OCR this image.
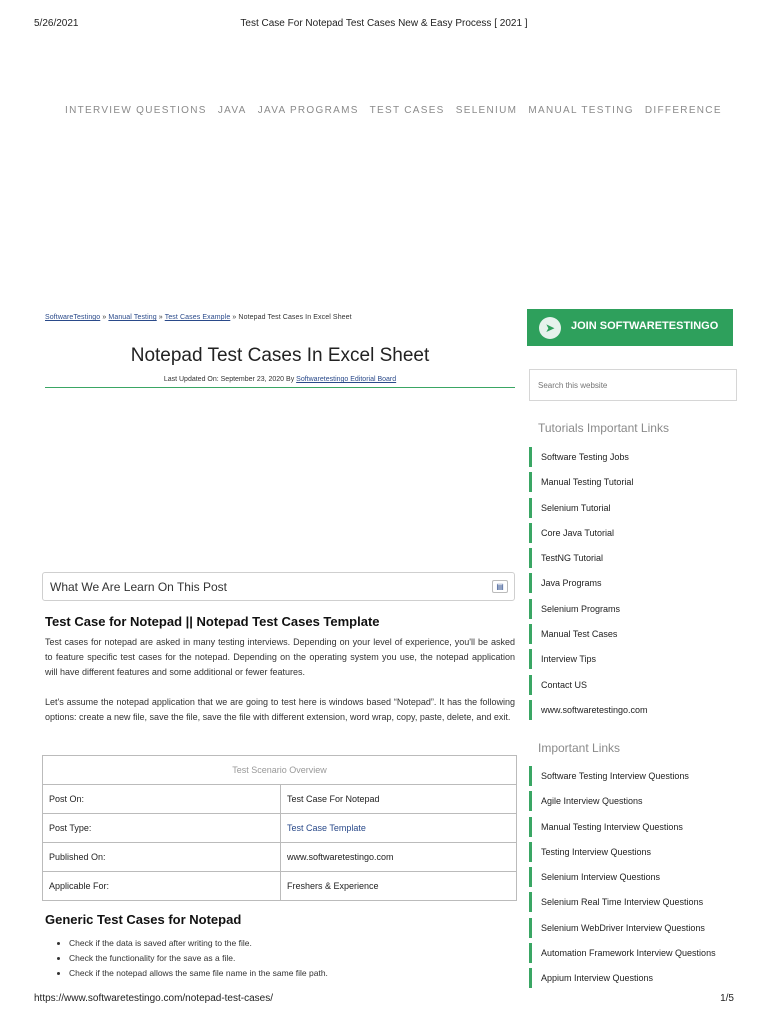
5/26/2021	Test Case For Notepad Test Cases New & Easy Process [ 2021 ]
INTERVIEW QUESTIONS JAVA JAVA PROGRAMS TEST CASES SELENIUM MANUAL TESTING DIFFERENCE
SoftwareTestingo » Manual Testing » Test Cases Example » Notepad Test Cases In Excel Sheet
Notepad Test Cases In Excel Sheet
Last Updated On: September 23, 2020 By Softwaretestingo Editorial Board
What We Are Learn On This Post	▤
Test Case for Notepad || Notepad Test Cases Template

Test cases for notepad are asked in many testing interviews. Depending on your level of experience, you'll be asked to feature specific test cases for the notepad. Depending on the operating system you use, the notepad application will have different features and some additional or fewer features.

Let's assume the notepad application that we are going to test here is windows based “Notepad”. It has the following options: create a new file, save the file, save the file with different extension, word wrap, copy, paste, delete, and exit.

Test Scenario Overview	
Post On:	Test Case For Notepad
Post Type:	Test Case Template
Published On:	www.softwaretestingo.com
Applicable For:	Freshers & Experience
Generic Test Cases for Notepad
• Check if the data is saved after writing to the file.
• Check the functionality for the save as a file.
• Check if the notepad allows the same file name in the same file path.
➤	JOIN SOFTWARETESTINGO
Search this website
Tutorials Important Links
Software Testing Jobs
Manual Testing Tutorial
Selenium Tutorial
Core Java Tutorial
TestNG Tutorial
Java Programs
Selenium Programs
Manual Test Cases
Interview Tips
Contact US
www.softwaretestingo.com
Important Links
Software Testing Interview Questions
Agile Interview Questions
Manual Testing Interview Questions
Testing Interview Questions
Selenium Interview Questions
Selenium Real Time Interview Questions
Selenium WebDriver Interview Questions
Automation Framework Interview Questions
Appium Interview Questions
https://www.softwaretestingo.com/notepad-test-cases/	1/5
